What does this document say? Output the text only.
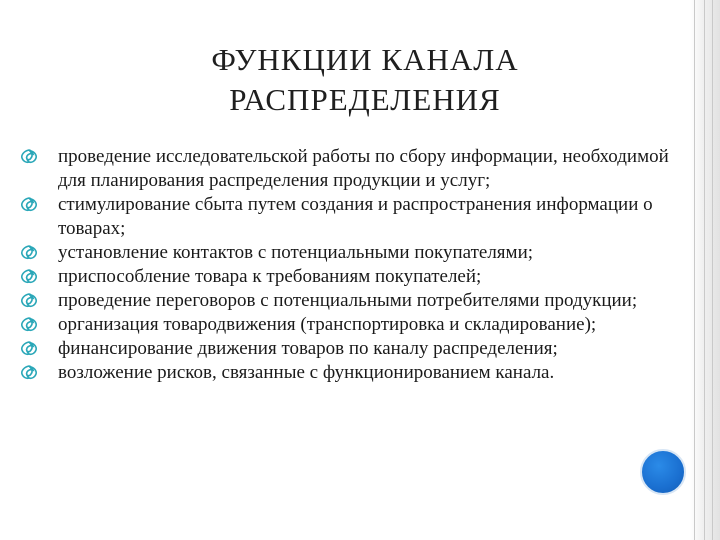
ФУНКЦИИ КАНАЛА
РАСПРЕДЕЛЕНИЯ
проведение исследовательской работы по сбору информации, необходимой для планирования распределения продукции и услуг;
стимулирование сбыта путем создания и распространения информации о товарах;
установление контактов с потенциальными покупателями;
приспособление товара к требованиям покупателей;
проведение переговоров с потенциальными потребителями продукции;
организация товародвижения (транспортировка и складирование);
финансирование движения товаров по каналу распределения;
возложение рисков, связанные с функционированием канала.
